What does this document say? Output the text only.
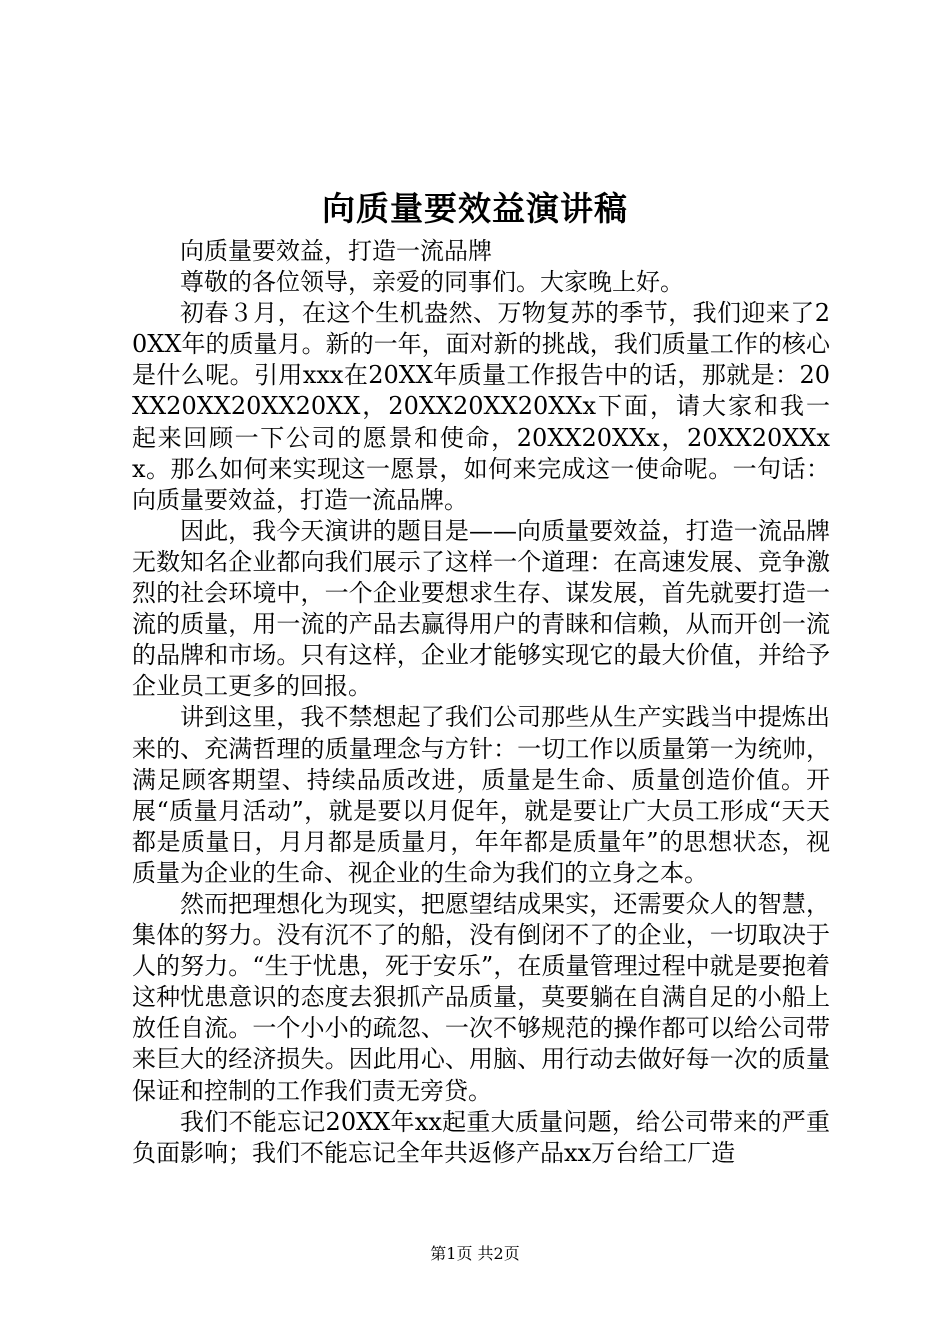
向质量要效益演讲稿

向质量要效益，打造一流品牌

尊敬的各位领导，亲爱的同事们。大家晚上好。

初春３月，在这个生机盎然、万物复苏的季节，我们迎来了20XX年的质量月。新的一年，面对新的挑战，我们质量工作的核心是什么呢。引用xxx在20XX年质量工作报告中的话，那就是：20XX20XX20XX20XX，20XX20XX20XXx下面，请大家和我一起来回顾一下公司的愿景和使命，20XX20XXx，20XX20XXxx。那么如何来实现这一愿景，如何来完成这一使命呢。一句话：向质量要效益，打造一流品牌。

因此，我今天演讲的题目是——向质量要效益，打造一流品牌无数知名企业都向我们展示了这样一个道理：在高速发展、竞争激烈的社会环境中，一个企业要想求生存、谋发展，首先就要打造一流的质量，用一流的产品去赢得用户的青睐和信赖，从而开创一流的品牌和市场。只有这样，企业才能够实现它的最大价值，并给予企业员工更多的回报。

讲到这里，我不禁想起了我们公司那些从生产实践当中提炼出来的、充满哲理的质量理念与方针：一切工作以质量第一为统帅，满足顾客期望、持续品质改进，质量是生命、质量创造价值。开展“质量月活动”，就是要以月促年，就是要让广大员工形成“天天都是质量日，月月都是质量月，年年都是质量年”的思想状态，视质量为企业的生命、视企业的生命为我们的立身之本。

然而把理想化为现实，把愿望结成果实，还需要众人的智慧，集体的努力。没有沉不了的船，没有倒闭不了的企业，一切取决于人的努力。“生于忧患，死于安乐”，在质量管理过程中就是要抱着这种忧患意识的态度去狠抓产品质量，莫要躺在自满自足的小船上放任自流。一个小小的疏忽、一次不够规范的操作都可以给公司带来巨大的经济损失。因此用心、用脑、用行动去做好每一次的质量保证和控制的工作我们责无旁贷。

我们不能忘记20XX年xx起重大质量问题，给公司带来的严重负面影响；我们不能忘记全年共返修产品xx万台给工厂造

第1页 共2页
